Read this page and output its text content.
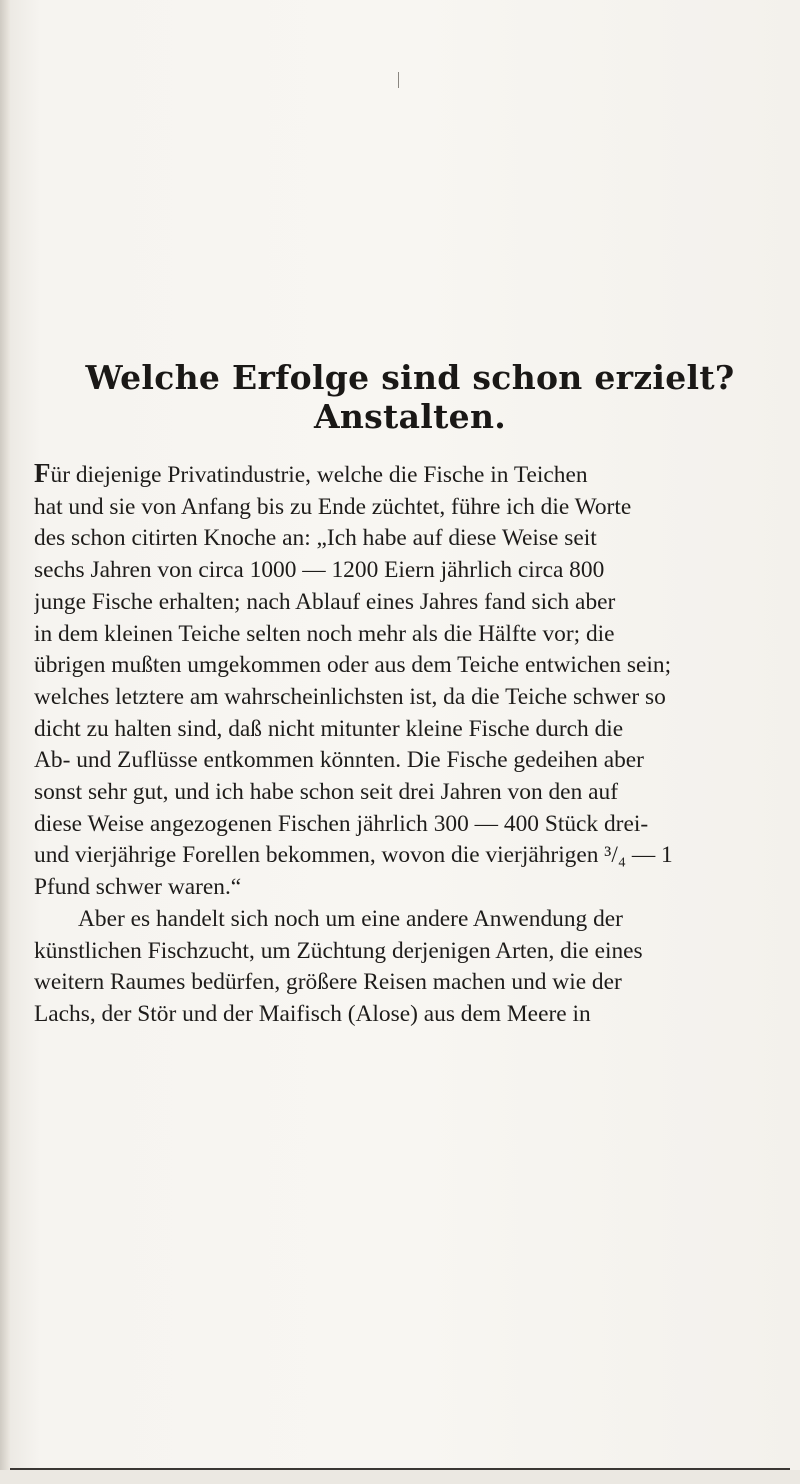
Welche Erfolge sind schon erzielt? Anstalten.
Für diejenige Privatindustrie, welche die Fische in Teichen
hat und sie von Anfang bis zu Ende züchtet, führe ich die Worte
des schon citirten Knoche an: „Ich habe auf diese Weise seit
sechs Jahren von circa 1000 — 1200 Eiern jährlich circa 800
junge Fische erhalten; nach Ablauf eines Jahres fand sich aber
in dem kleinen Teiche selten noch mehr als die Hälfte vor; die
übrigen mußten umgekommen oder aus dem Teiche entwichen sein;
welches letztere am wahrscheinlichsten ist, da die Teiche schwer so
dicht zu halten sind, daß nicht mitunter kleine Fische durch die
Ab- und Zuflüsse entkommen könnten. Die Fische gedeihen aber
sonst sehr gut, und ich habe schon seit drei Jahren von den auf
diese Weise angezogenen Fischen jährlich 300 — 400 Stück drei-
und vierjährige Forellen bekommen, wovon die vierjährigen ³/₄ — 1
Pfund schwer waren.“
Aber es handelt sich noch um eine andere Anwendung der
künstlichen Fischzucht, um Züchtung derjenigen Arten, die eines
weitern Raumes bedürfen, größere Reisen machen und wie der
Lachs, der Stör und der Maifisch (Alose) aus dem Meere in
